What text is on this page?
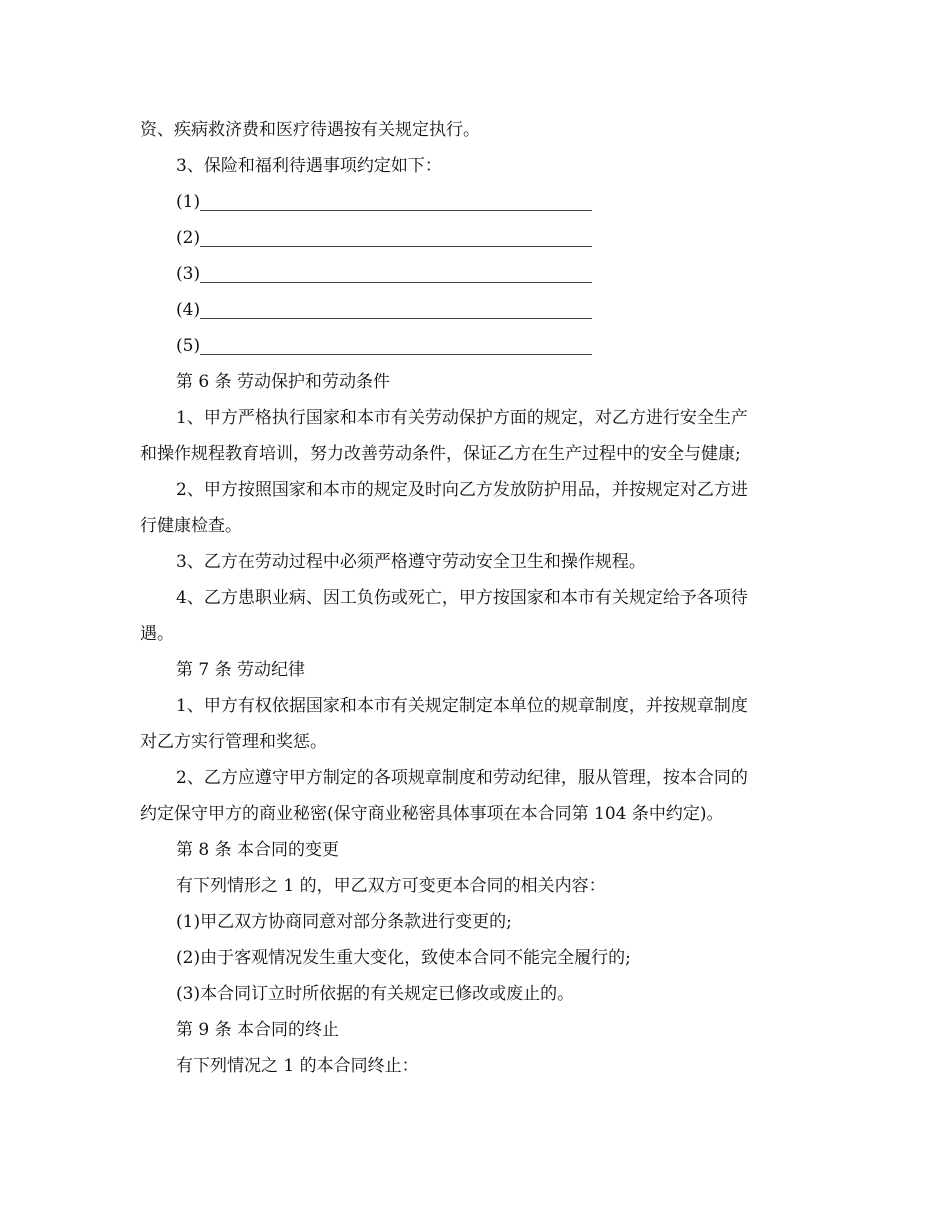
资、疾病救济费和医疗待遇按有关规定执行。
3、保险和福利待遇事项约定如下：
(1)
(2)
(3)
(4)
(5)
第 6 条 劳动保护和劳动条件
1、甲方严格执行国家和本市有关劳动保护方面的规定，对乙方进行安全生产
和操作规程教育培训，努力改善劳动条件，保证乙方在生产过程中的安全与健康;
2、甲方按照国家和本市的规定及时向乙方发放防护用品，并按规定对乙方进
行健康检查。
3、乙方在劳动过程中必须严格遵守劳动安全卫生和操作规程。
4、乙方患职业病、因工负伤或死亡，甲方按国家和本市有关规定给予各项待
遇。
第 7 条 劳动纪律
1、甲方有权依据国家和本市有关规定制定本单位的规章制度，并按规章制度
对乙方实行管理和奖惩。
2、乙方应遵守甲方制定的各项规章制度和劳动纪律，服从管理，按本合同的
约定保守甲方的商业秘密(保守商业秘密具体事项在本合同第 104 条中约定)。
第 8 条 本合同的变更
有下列情形之 1 的，甲乙双方可变更本合同的相关内容：
(1)甲乙双方协商同意对部分条款进行变更的;
(2)由于客观情况发生重大变化，致使本合同不能完全履行的;
(3)本合同订立时所依据的有关规定已修改或废止的。
第 9 条 本合同的终止
有下列情况之 1 的本合同终止：
